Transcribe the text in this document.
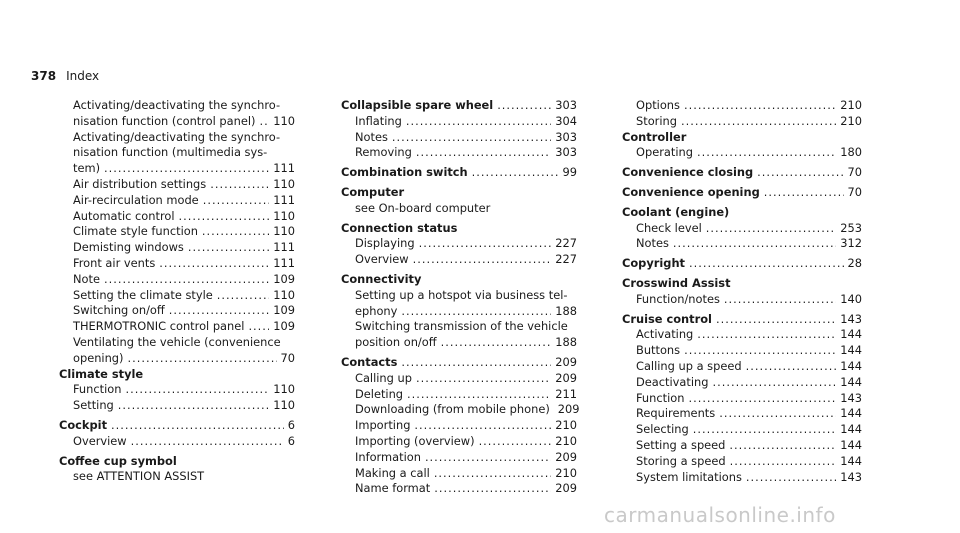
378 Index
Activating/deactivating the synchro-
nisation function (control panel) ..... 110
Activating/deactivating the synchro-
nisation function (multimedia sys-
tem) .....	111
Air distribution settings .....	110
Air-recirculation mode .....	111
Automatic control .....	110
Climate style function .....	110
Demisting windows .....	111
Front air vents .....	111
Note .....	109
Setting the climate style .....	110
Switching on/off .....	109
THERMOTRONIC control panel .....	109
Ventilating the vehicle (convenience
opening) .....	70
Climate style
Function .....	110
Setting .....	110
Cockpit .....	6
Overview .....	6
Coffee cup symbol
see ATTENTION ASSIST
Collapsible spare wheel .....	303
Inflating .....	304
Notes .....	303
Removing .....	303
Combination switch .....	99
Computer
see On-board computer
Connection status
Displaying .....	227
Overview .....	227
Connectivity
Setting up a hotspot via business tel-
ephony .....	188
Switching transmission of the vehicle
position on/off .....	188
Contacts .....	209
Calling up .....	209
Deleting .....	211
Downloading (from mobile phone) 209
Importing .....	210
Importing (overview) .....	210
Information .....	209
Making a call .....	210
Name format .....	209
Options .....	210
Storing .....	210
Controller
Operating .....	180
Convenience closing .....	70
Convenience opening .....	70
Coolant (engine)
Check level .....	253
Notes .....	312
Copyright .....	28
Crosswind Assist
Function/notes .....	140
Cruise control .....	143
Activating .....	144
Buttons .....	144
Calling up a speed .....	144
Deactivating .....	144
Function .....	143
Requirements .....	144
Selecting .....	144
Setting a speed .....	144
Storing a speed .....	144
System limitations .....	143
carmanualsonline.info
